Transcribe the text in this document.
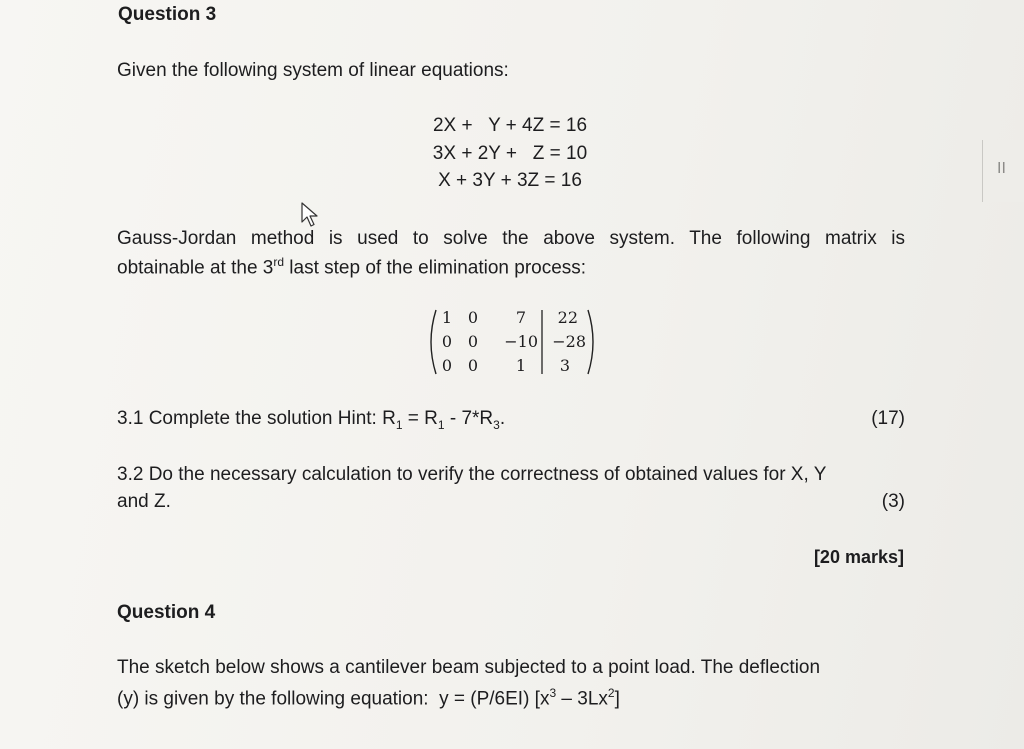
Question 3
Given the following system of linear equations:
2X +   Y + 4Z = 16
3X + 2Y +   Z = 10
X + 3Y + 3Z = 16
Gauss-Jordan method is used to solve the above system. The following matrix is
obtainable at the 3rd last step of the elimination process:
1 0	7	22
0 0 −10 −28
0 0	1	3
3.1 Complete the solution Hint: $R_1 = R_1 - 7*R_3$.	(17)
3.2 Do the necessary calculation to verify the correctness of obtained values for X, Y
and Z.	(3)
[20 marks]
Question 4
The sketch below shows a cantilever beam subjected to a point load. The deflection
(y) is given by the following equation:  y = (P/6EI) $[x^3 - 3Lx^2]$
II
